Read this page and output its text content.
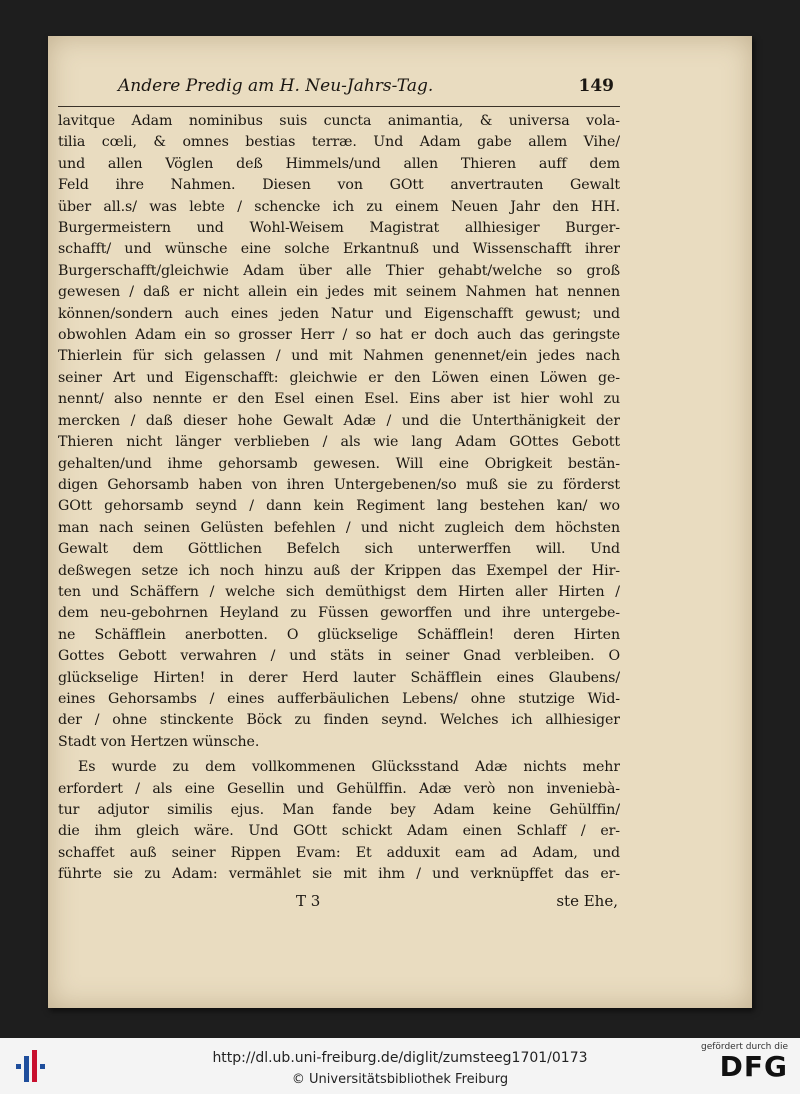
Andere Predig am H. Neu-Jahrs-Tag.	149
lavitque Adam nominibus suis cuncta animantia, & universa vola-
tilia cœli, & omnes bestias terræ. Und Adam gabe allem Vihe/
und allen Vöglen deß Himmels/und allen Thieren auff dem
Feld ihre Nahmen. Diesen von GOtt anvertrauten Gewalt
über all.s/ was lebte / schencke ich zu einem Neuen Jahr den HH.
Burgermeistern und Wohl-Weisem Magistrat allhiesiger Burger-
schafft/ und wünsche eine solche Erkantnuß und Wissenschafft ihrer
Burgerschafft/gleichwie Adam über alle Thier gehabt/welche so groß
gewesen / daß er nicht allein ein jedes mit seinem Nahmen hat nennen
können/sondern auch eines jeden Natur und Eigenschafft gewust; und
obwohlen Adam ein so grosser Herr / so hat er doch auch das geringste
Thierlein für sich gelassen / und mit Nahmen genennet/ein jedes nach
seiner Art und Eigenschafft: gleichwie er den Löwen einen Löwen ge-
nennt/ also nennte er den Esel einen Esel. Eins aber ist hier wohl zu
mercken / daß dieser hohe Gewalt Adæ / und die Unterthänigkeit der
Thieren nicht länger verblieben / als wie lang Adam GOttes Gebott
gehalten/und ihme gehorsamb gewesen. Will eine Obrigkeit bestän-
digen Gehorsamb haben von ihren Untergebenen/so muß sie zu förderst
GOtt gehorsamb seynd / dann kein Regiment lang bestehen kan/ wo
man nach seinen Gelüsten befehlen / und nicht zugleich dem höchsten
Gewalt dem Göttlichen Befelch sich unterwerffen will. Und
deßwegen setze ich noch hinzu auß der Krippen das Exempel der Hir-
ten und Schäffern / welche sich demüthigst dem Hirten aller Hirten /
dem neu-gebohrnen Heyland zu Füssen geworffen und ihre untergebe-
ne Schäfflein anerbotten. O glückselige Schäfflein! deren Hirten
Gottes Gebott verwahren / und stäts in seiner Gnad verbleiben. O
glückselige Hirten! in derer Herd lauter Schäfflein eines Glaubens/
eines Gehorsambs / eines aufferbäulichen Lebens/ ohne stutzige Wid-
der / ohne stinckente Böck zu finden seynd. Welches ich allhiesiger
Stadt von Hertzen wünsche.
Es wurde zu dem vollkommenen Glücksstand Adæ nichts mehr
erfordert / als eine Gesellin und Gehülffin. Adæ verò non inveniebà-
tur adjutor similis ejus. Man fande bey Adam keine Gehülffin/
die ihm gleich wäre. Und GOtt schickt Adam einen Schlaff / er-
schaffet auß seiner Rippen Evam: Et adduxit eam ad Adam, und
führte sie zu Adam: vermählet sie mit ihm / und verknüpffet das er-
T 3	ste Ehe,
http://dl.ub.uni-freiburg.de/diglit/zumsteeg1701/0173
© Universitätsbibliothek Freiburg
gefördert durch die
DFG
